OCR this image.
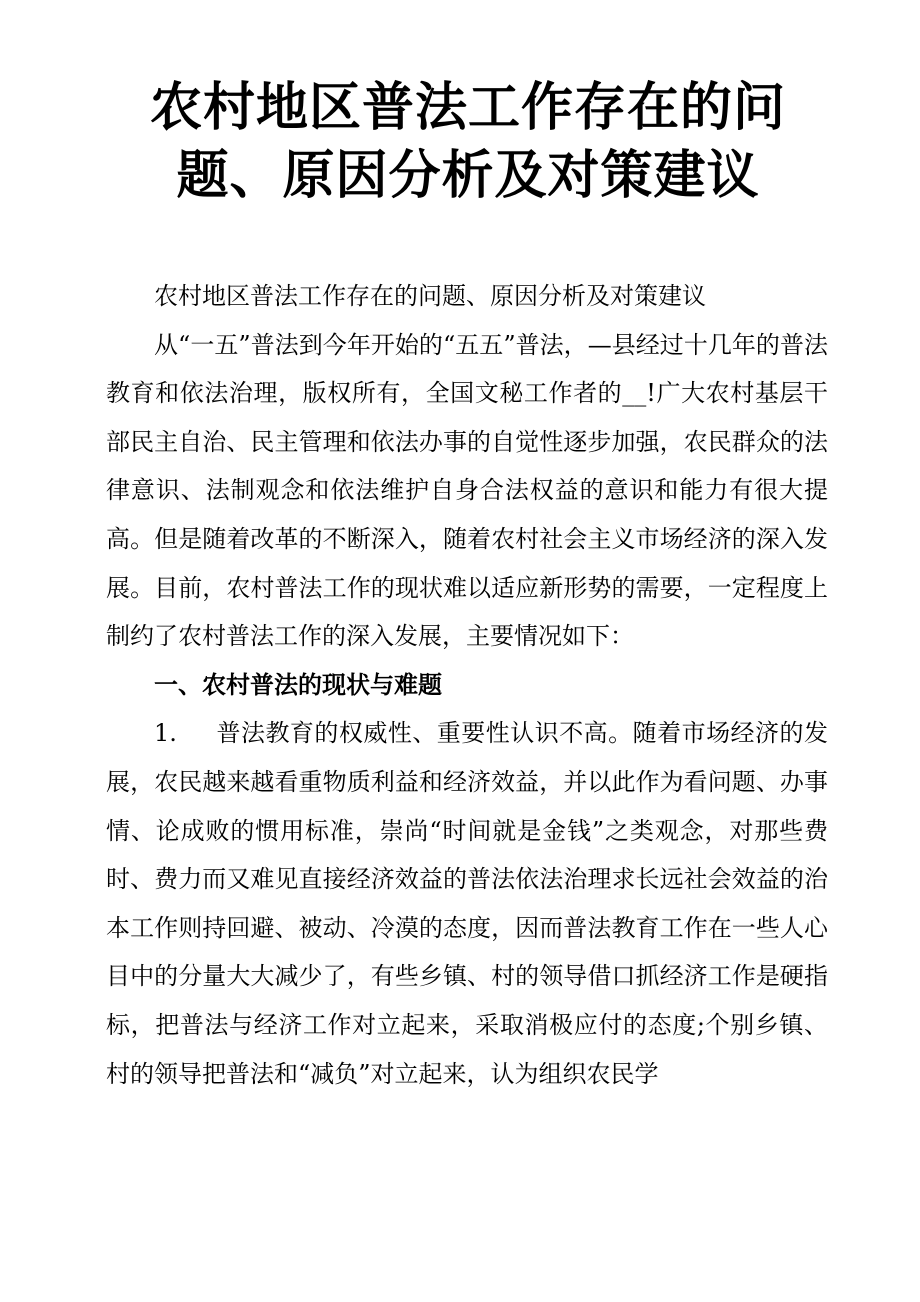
农村地区普法工作存在的问题、原因分析及对策建议

农村地区普法工作存在的问题、原因分析及对策建议

从“一五”普法到今年开始的“五五”普法，—县经过十几年的普法教育和依法治理，版权所有，全国文秘工作者的__!广大农村基层干部民主自治、民主管理和依法办事的自觉性逐步加强，农民群众的法律意识、法制观念和依法维护自身合法权益的意识和能力有很大提高。但是随着改革的不断深入，随着农村社会主义市场经济的深入发展。目前，农村普法工作的现状难以适应新形势的需要，一定程度上制约了农村普法工作的深入发展，主要情况如下：

一、农村普法的现状与难题

1. 普法教育的权威性、重要性认识不高。随着市场经济的发展，农民越来越看重物质利益和经济效益，并以此作为看问题、办事情、论成败的惯用标准，崇尚“时间就是金钱”之类观念，对那些费时、费力而又难见直接经济效益的普法依法治理求长远社会效益的治本工作则持回避、被动、冷漠的态度，因而普法教育工作在一些人心目中的分量大大减少了，有些乡镇、村的领导借口抓经济工作是硬指标，把普法与经济工作对立起来，采取消极应付的态度;个别乡镇、村的领导把普法和“减负”对立起来，认为组织农民学
